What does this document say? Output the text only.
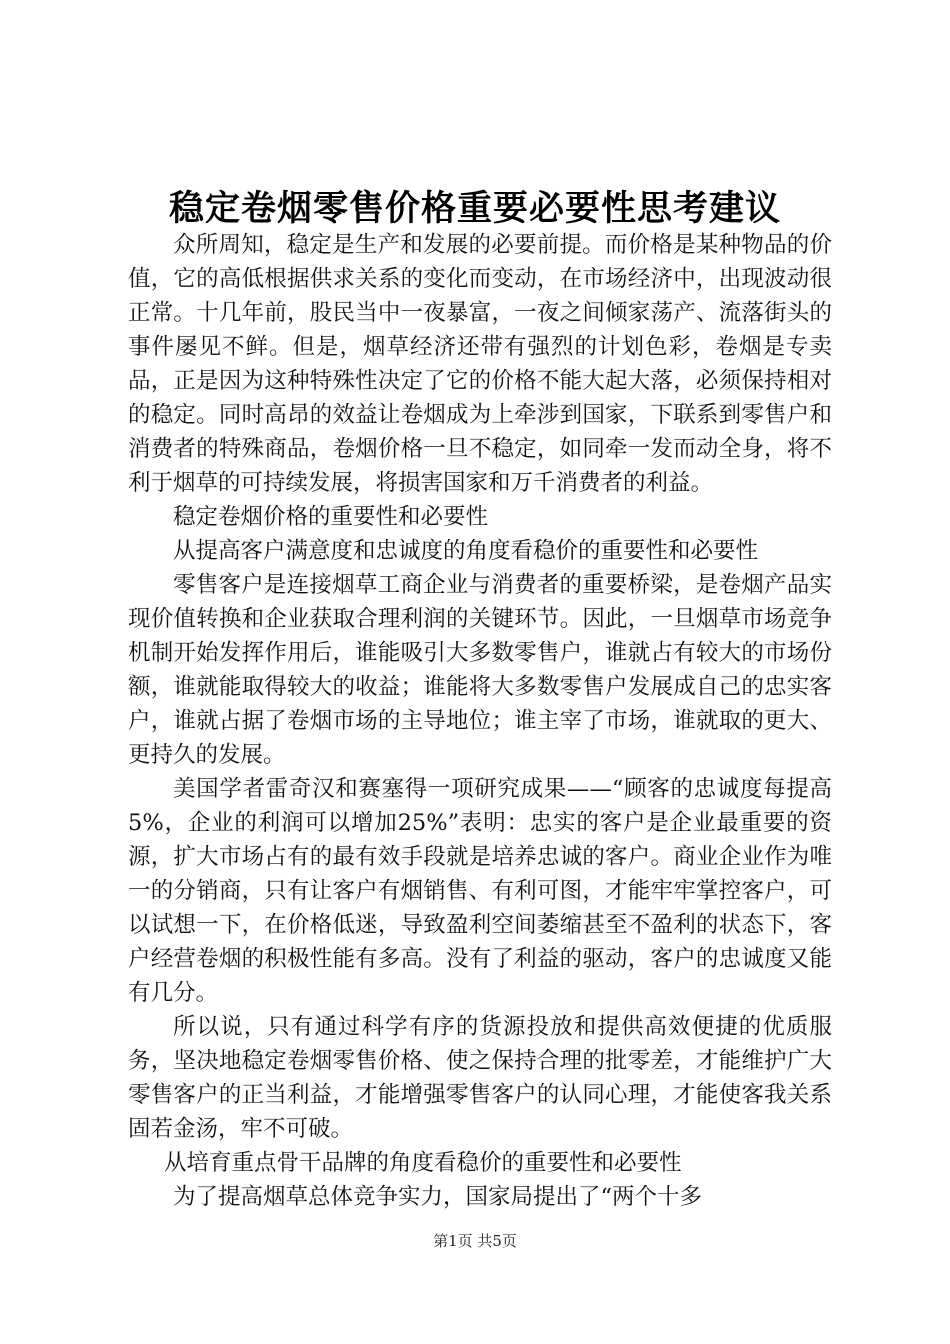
稳定卷烟零售价格重要必要性思考建议

众所周知，稳定是生产和发展的必要前提。而价格是某种物品的价值，它的高低根据供求关系的变化而变动，在市场经济中，出现波动很正常。十几年前，股民当中一夜暴富，一夜之间倾家荡产、流落街头的事件屡见不鲜。但是，烟草经济还带有强烈的计划色彩，卷烟是专卖品，正是因为这种特殊性决定了它的价格不能大起大落，必须保持相对的稳定。同时高昂的效益让卷烟成为上牵涉到国家，下联系到零售户和消费者的特殊商品，卷烟价格一旦不稳定，如同牵一发而动全身，将不利于烟草的可持续发展，将损害国家和万千消费者的利益。

稳定卷烟价格的重要性和必要性

从提高客户满意度和忠诚度的角度看稳价的重要性和必要性

零售客户是连接烟草工商企业与消费者的重要桥梁，是卷烟产品实现价值转换和企业获取合理利润的关键环节。因此，一旦烟草市场竞争机制开始发挥作用后，谁能吸引大多数零售户，谁就占有较大的市场份额，谁就能取得较大的收益；谁能将大多数零售户发展成自己的忠实客户，谁就占据了卷烟市场的主导地位；谁主宰了市场，谁就取的更大、更持久的发展。

美国学者雷奇汉和赛塞得一项研究成果——“顾客的忠诚度每提高5%，企业的利润可以增加25%”表明：忠实的客户是企业最重要的资源，扩大市场占有的最有效手段就是培养忠诚的客户。商业企业作为唯一的分销商，只有让客户有烟销售、有利可图，才能牢牢掌控客户，可以试想一下，在价格低迷，导致盈利空间萎缩甚至不盈利的状态下，客户经营卷烟的积极性能有多高。没有了利益的驱动，客户的忠诚度又能有几分。

所以说，只有通过科学有序的货源投放和提供高效便捷的优质服务，坚决地稳定卷烟零售价格、使之保持合理的批零差，才能维护广大零售客户的正当利益，才能增强零售客户的认同心理，才能使客我关系固若金汤，牢不可破。

从培育重点骨干品牌的角度看稳价的重要性和必要性

为了提高烟草总体竞争实力，国家局提出了“两个十多

第1页 共5页
